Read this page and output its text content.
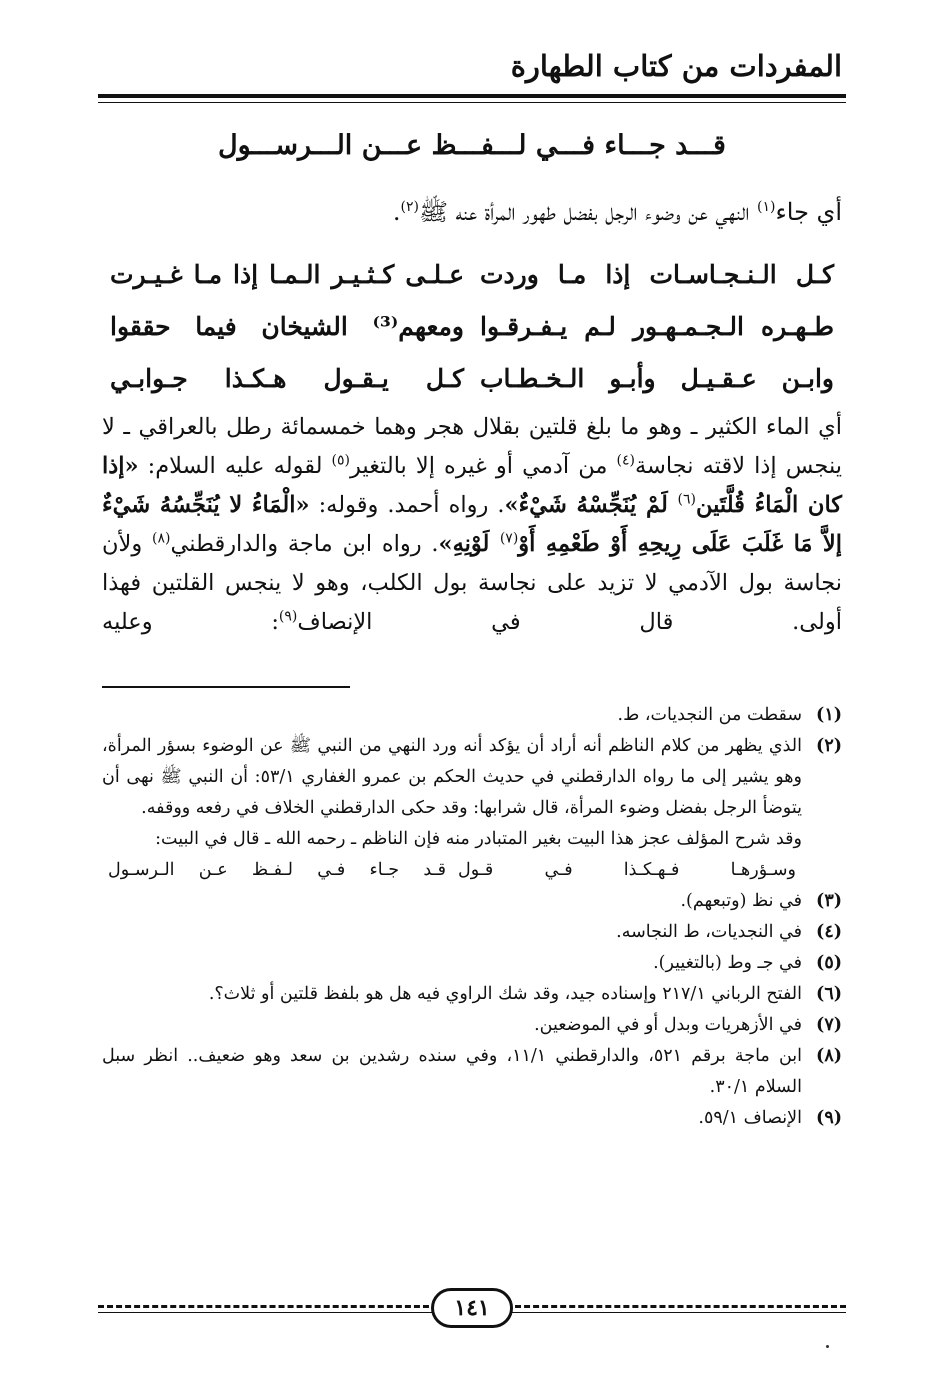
المفردات من كتاب الطهارة
قـــد جـــاء فـــي لـــفـــظ عـــن الـــرســـول
أي جاء$^{(١)}$ النهي عن وضوء الرجل بفضل طهور المرأة عنه ﷺ$^{(٢)}$.
كـل الـنـجـاسـات إذا مـا وردت
عـلـى كـثـيـر الـمـا إذا مـا غـيـرت
طـهـره الـجـمـهـور لـم يـفـرقـوا
ومعهم⁽³⁾ الشيخان فيما حققوا
وابـن عـقـيـل وأبـو الـخـطـاب
كـل يـقـول هـكـذا جـوابـي
أي الماء الكثير ـ وهو ما بلغ قلتين بقلال هجر وهما خمسمائة رطل بالعراقي ـ لا ينجس إذا لاقته نجاسة$^{(٤)}$ من آدمي أو غيره إلا بالتغير$^{(٥)}$ لقوله عليه السلام: «إذا كان الْمَاءُ قُلَّتَين$^{(٦)}$ لَمْ يُنَجِّسْهُ شَيْءٌ». رواه أحمد. وقوله: «الْمَاءُ لا يُنَجِّسُهُ شَيْءٌ إلاَّ مَا غَلَبَ عَلَى رِيحِهِ أَوْ طَعْمِهِ أَوْ$^{(٧)}$ لَوْنِهِ». رواه ابن ماجة والدارقطني$^{(٨)}$ ولأن نجاسة بول الآدمي لا تزيد على نجاسة بول الكلب، وهو لا ينجس القلتين فهذا أولى. قال في الإنصاف$^{(٩)}$: وعليه
(١)
سقطت من النجديات، ط.
(٢)
الذي يظهر من كلام الناظم أنه أراد أن يؤكد أنه ورد النهي من النبي ﷺ عن الوضوء بسؤر المرأة، وهو يشير إلى ما رواه الدارقطني في حديث الحكم بن عمرو الغفاري ٥٣/١: أن النبي ﷺ نهى أن يتوضأ الرجل بفضل وضوء المرأة، قال شرابها: وقد حكى الدارقطني الخلاف في رفعه ووقفه.
وقد شرح المؤلف عجز هذا البيت بغير المتبادر منه فإن الناظم ـ رحمه الله ـ قال في البيت:
وسـؤرهـا فـهـكـذا فـي قـول
قـد جـاء فـي لـفـظ عـن الـرسـول
(٣)
في نظ (وتبعهم).
(٤)
في النجديات، ط النجاسه.
(٥)
في جـ وط (بالتغيير).
(٦)
الفتح الرباني ٢١٧/١ وإسناده جيد، وقد شك الراوي فيه هل هو بلفظ قلتين أو ثلاث؟.
(٧)
في الأزهريات وبدل أو في الموضعين.
(٨)
ابن ماجة برقم ٥٢١، والدارقطني ١١/١، وفي سنده رشدين بن سعد وهو ضعيف.. انظر سبل السلام ٣٠/١.
(٩)
الإنصاف ٥٩/١.
١٤١
